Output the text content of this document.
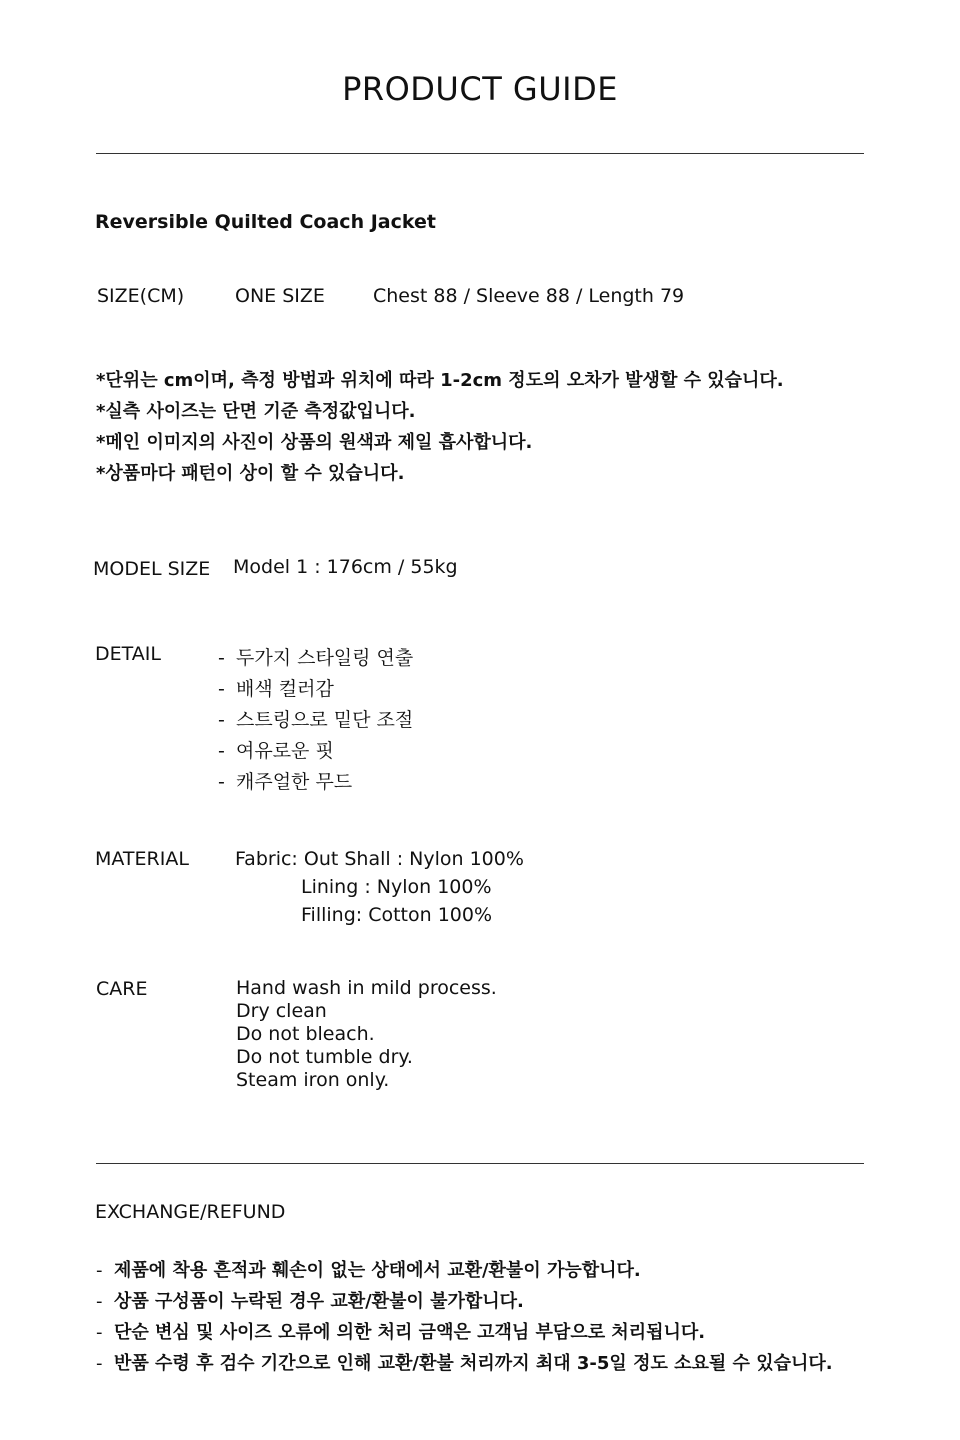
PRODUCT GUIDE
Reversible Quilted Coach Jacket
SIZE(CM)	ONE SIZE	Chest 88 / Sleeve 88 / Length 79
*단위는 cm이며, 측정 방법과 위치에 따라 1-2cm 정도의 오차가 발생할 수 있습니다.
*실측 사이즈는 단면 기준 측정값입니다.
*메인 이미지의 사진이 상품의 원색과 제일 흡사합니다.
*상품마다 패턴이 상이 할 수 있습니다.
MODEL SIZE Model 1 : 176cm / 55kg
DETAIL	- 두가지 스타일링 연출
- 배색 컬러감
- 스트링으로 밑단 조절
- 여유로운 핏
- 캐주얼한 무드
MATERIAL Fabric: Out Shall : Nylon 100%
Lining : Nylon 100%
Filling: Cotton 100%
CARE	Hand wash in mild process.
Dry clean
Do not bleach.
Do not tumble dry.
Steam iron only.
EXCHANGE/REFUND
- 제품에 착용 흔적과 훼손이 없는 상태에서 교환/환불이 가능합니다.
- 상품 구성품이 누락된 경우 교환/환불이 불가합니다.
- 단순 변심 및 사이즈 오류에 의한 처리 금액은 고객님 부담으로 처리됩니다.
- 반품 수령 후 검수 기간으로 인해 교환/환불 처리까지 최대 3-5일 정도 소요될 수 있습니다.
